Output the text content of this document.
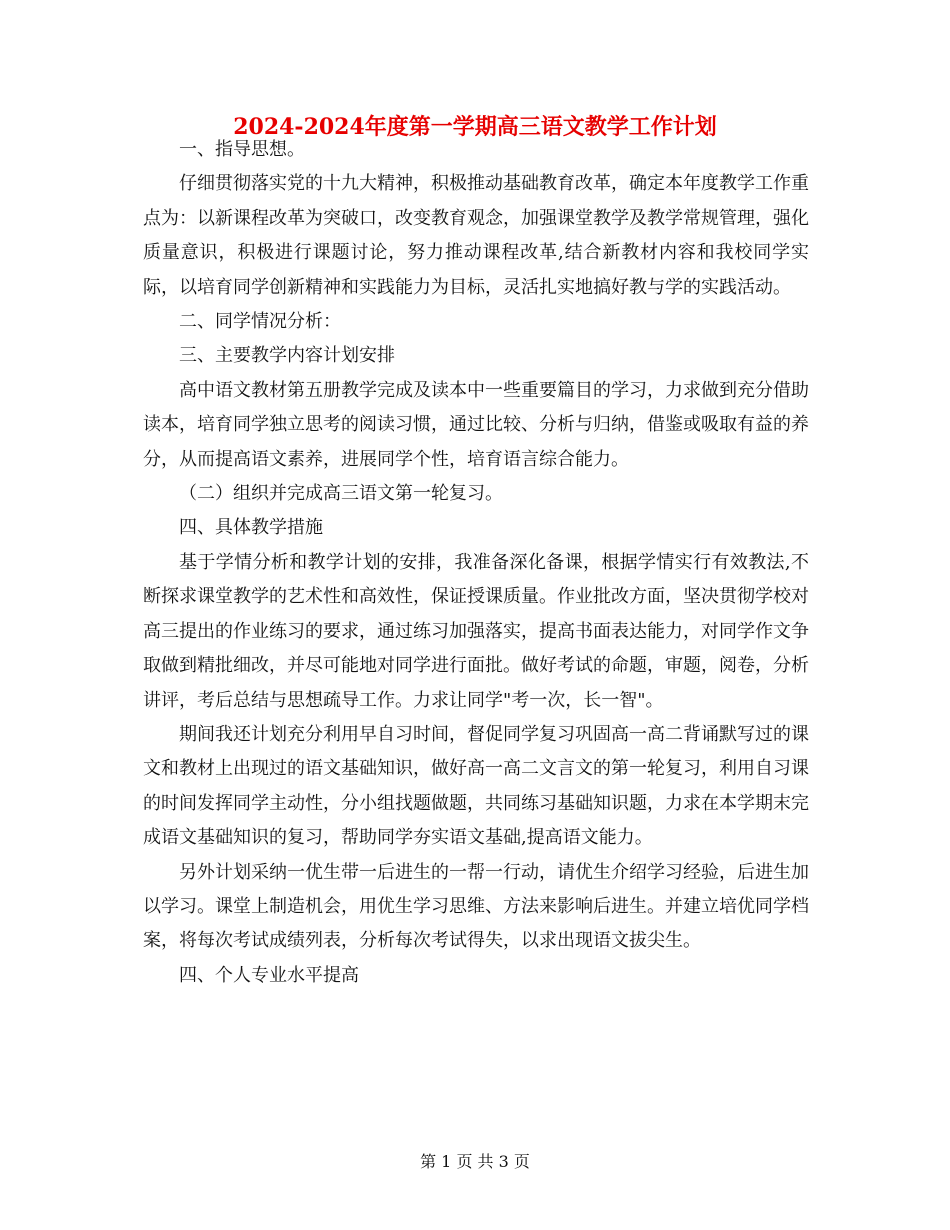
2024-2024年度第一学期高三语文教学工作计划

一、指导思想。

仔细贯彻落实党的十九大精神，积极推动基础教育改革，确定本年度教学工作重点为：以新课程改革为突破口，改变教育观念，加强课堂教学及教学常规管理，强化质量意识，积极进行课题讨论，努力推动课程改革,结合新教材内容和我校同学实际，以培育同学创新精神和实践能力为目标，灵活扎实地搞好教与学的实践活动。

二、同学情况分析：

三、主要教学内容计划安排

高中语文教材第五册教学完成及读本中一些重要篇目的学习，力求做到充分借助读本，培育同学独立思考的阅读习惯，通过比较、分析与归纳，借鉴或吸取有益的养分，从而提高语文素养，进展同学个性，培育语言综合能力。

（二）组织并完成高三语文第一轮复习。

四、具体教学措施

基于学情分析和教学计划的安排，我准备深化备课，根据学情实行有效教法,不断探求课堂教学的艺术性和高效性，保证授课质量。作业批改方面，坚决贯彻学校对高三提出的作业练习的要求，通过练习加强落实，提高书面表达能力，对同学作文争取做到精批细改，并尽可能地对同学进行面批。做好考试的命题，审题，阅卷，分析讲评，考后总结与思想疏导工作。力求让同学"考一次，长一智"。

期间我还计划充分利用早自习时间，督促同学复习巩固高一高二背诵默写过的课文和教材上出现过的语文基础知识，做好高一高二文言文的第一轮复习，利用自习课的时间发挥同学主动性，分小组找题做题，共同练习基础知识题，力求在本学期末完成语文基础知识的复习，帮助同学夯实语文基础,提高语文能力。

另外计划采纳一优生带一后进生的一帮一行动，请优生介绍学习经验，后进生加以学习。课堂上制造机会，用优生学习思维、方法来影响后进生。并建立培优同学档案，将每次考试成绩列表，分析每次考试得失，以求出现语文拔尖生。

四、个人专业水平提高

第 1 页 共 3 页
